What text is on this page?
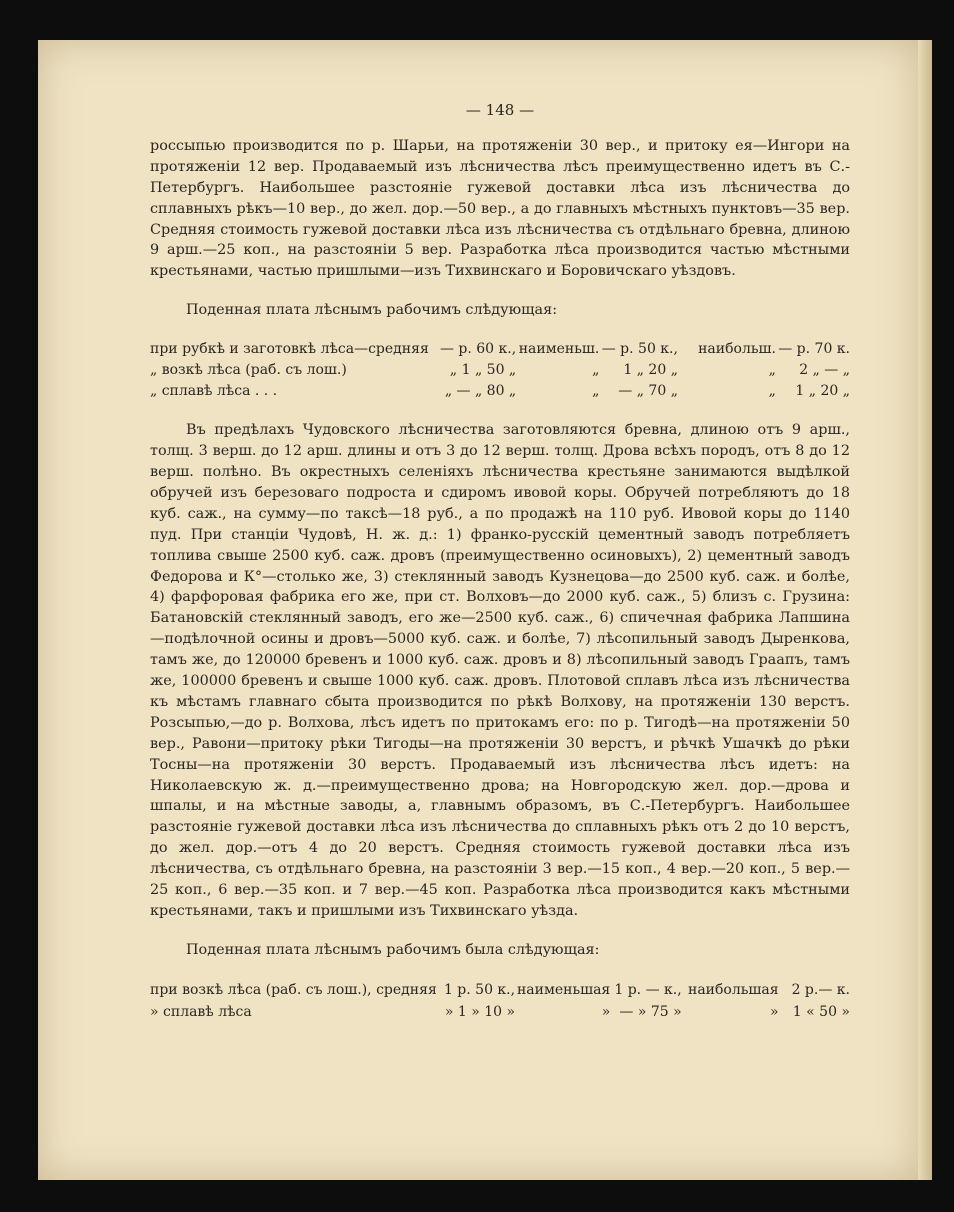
— 148 —

россыпью производится по р. Шарьи, на протяженіи 30 вер., и притоку ея—Ингори на протяженіи 12 вер. Продаваемый изъ лѣсничества лѣсъ преимущественно идетъ въ С.-Петербургъ. Наибольшее разстояніе гужевой доставки лѣса изъ лѣсничества до сплавныхъ рѣкъ—10 вер., до жел. дор.—50 вер., а до главныхъ мѣстныхъ пунктовъ—35 вер. Средняя стоимость гужевой доставки лѣса изъ лѣсничества съ отдѣльнаго бревна, длиною 9 арш.—25 коп., на разстояніи 5 вер. Разработка лѣса производится частью мѣстными крестьянами, частью пришлыми—изъ Тихвинскаго и Боровичскаго уѣздовъ.

Поденная плата лѣснымъ рабочимъ слѣдующая:

при рубкѣ и заготовкѣ лѣса—средняя	— р. 60 к.,	наименьш.	— р. 50 к.,	наибольш.	— р. 70 к.
„ возкѣ лѣса (раб. съ лош.)	„ 1 „ 50 „	„	1 „ 20 „	„	2 „ — „
„ сплавѣ лѣса . . .	„ — „ 80 „	„	— „ 70 „	„	1 „ 20 „

Въ предѣлахъ Чудовского лѣсничества заготовляются бревна, длиною отъ 9 арш., толщ. 3 верш. до 12 арш. длины и отъ 3 до 12 верш. толщ. Дрова всѣхъ породъ, отъ 8 до 12 верш. полѣно. Въ окрестныхъ селеніяхъ лѣсничества крестьяне занимаются выдѣлкой обручей изъ березоваго подроста и сдиромъ ивовой коры. Обручей потребляютъ до 18 куб. саж., на сумму—по таксѣ—18 руб., а по продажѣ на 110 руб. Ивовой коры до 1140 пуд. При станціи Чудовѣ, Н. ж. д.: 1) франко-русскій цементный заводъ потребляетъ топлива свыше 2500 куб. саж. дровъ (преимущественно осиновыхъ), 2) цементный заводъ Федорова и К°—столько же, 3) стеклянный заводъ Кузнецова—до 2500 куб. саж. и болѣе, 4) фарфоровая фабрика его же, при ст. Волховъ—до 2000 куб. саж., 5) близъ с. Грузина: Батановскій стеклянный заводъ, его же—2500 куб. саж., 6) спичечная фабрика Лапшина—подѣлочной осины и дровъ—5000 куб. саж. и болѣе, 7) лѣсопильный заводъ Дыренкова, тамъ же, до 120000 бревенъ и 1000 куб. саж. дровъ и 8) лѣсопильный заводъ Граапъ, тамъ же, 100000 бревенъ и свыше 1000 куб. саж. дровъ. Плотовой сплавъ лѣса изъ лѣсничества къ мѣстамъ главнаго сбыта производится по рѣкѣ Волхову, на протяженіи 130 верстъ. Розсыпью,—до р. Волхова, лѣсъ идетъ по притокамъ его: по р. Тигодѣ—на протяженіи 50 вер., Равони—притоку рѣки Тигоды—на протяженіи 30 верстъ, и рѣчкѣ Ушачкѣ до рѣки Тосны—на протяженіи 30 верстъ. Продаваемый изъ лѣсничества лѣсъ идетъ: на Николаевскую ж. д.—преимущественно дрова; на Новгородскую жел. дор.—дрова и шпалы, и на мѣстные заводы, а, главнымъ образомъ, въ С.-Петербургъ. Наибольшее разстояніе гужевой доставки лѣса изъ лѣсничества до сплавныхъ рѣкъ отъ 2 до 10 верстъ, до жел. дор.—отъ 4 до 20 верстъ. Средняя стоимость гужевой доставки лѣса изъ лѣсничества, съ отдѣльнаго бревна, на разстояніи 3 вер.—15 коп., 4 вер.—20 коп., 5 вер.—25 коп., 6 вер.—35 коп. и 7 вер.—45 коп. Разработка лѣса производится какъ мѣстными крестьянами, такъ и пришлыми изъ Тихвинскаго уѣзда.

Поденная плата лѣснымъ рабочимъ была слѣдующая:

при возкѣ лѣса (раб. съ лош.), средняя	1 р. 50 к.,	наименьшая	1 р. — к.,	наибольшая	2 р.— к.
» сплавѣ лѣса	» 1 » 10 »	»	— » 75 »	»	1 « 50 »
